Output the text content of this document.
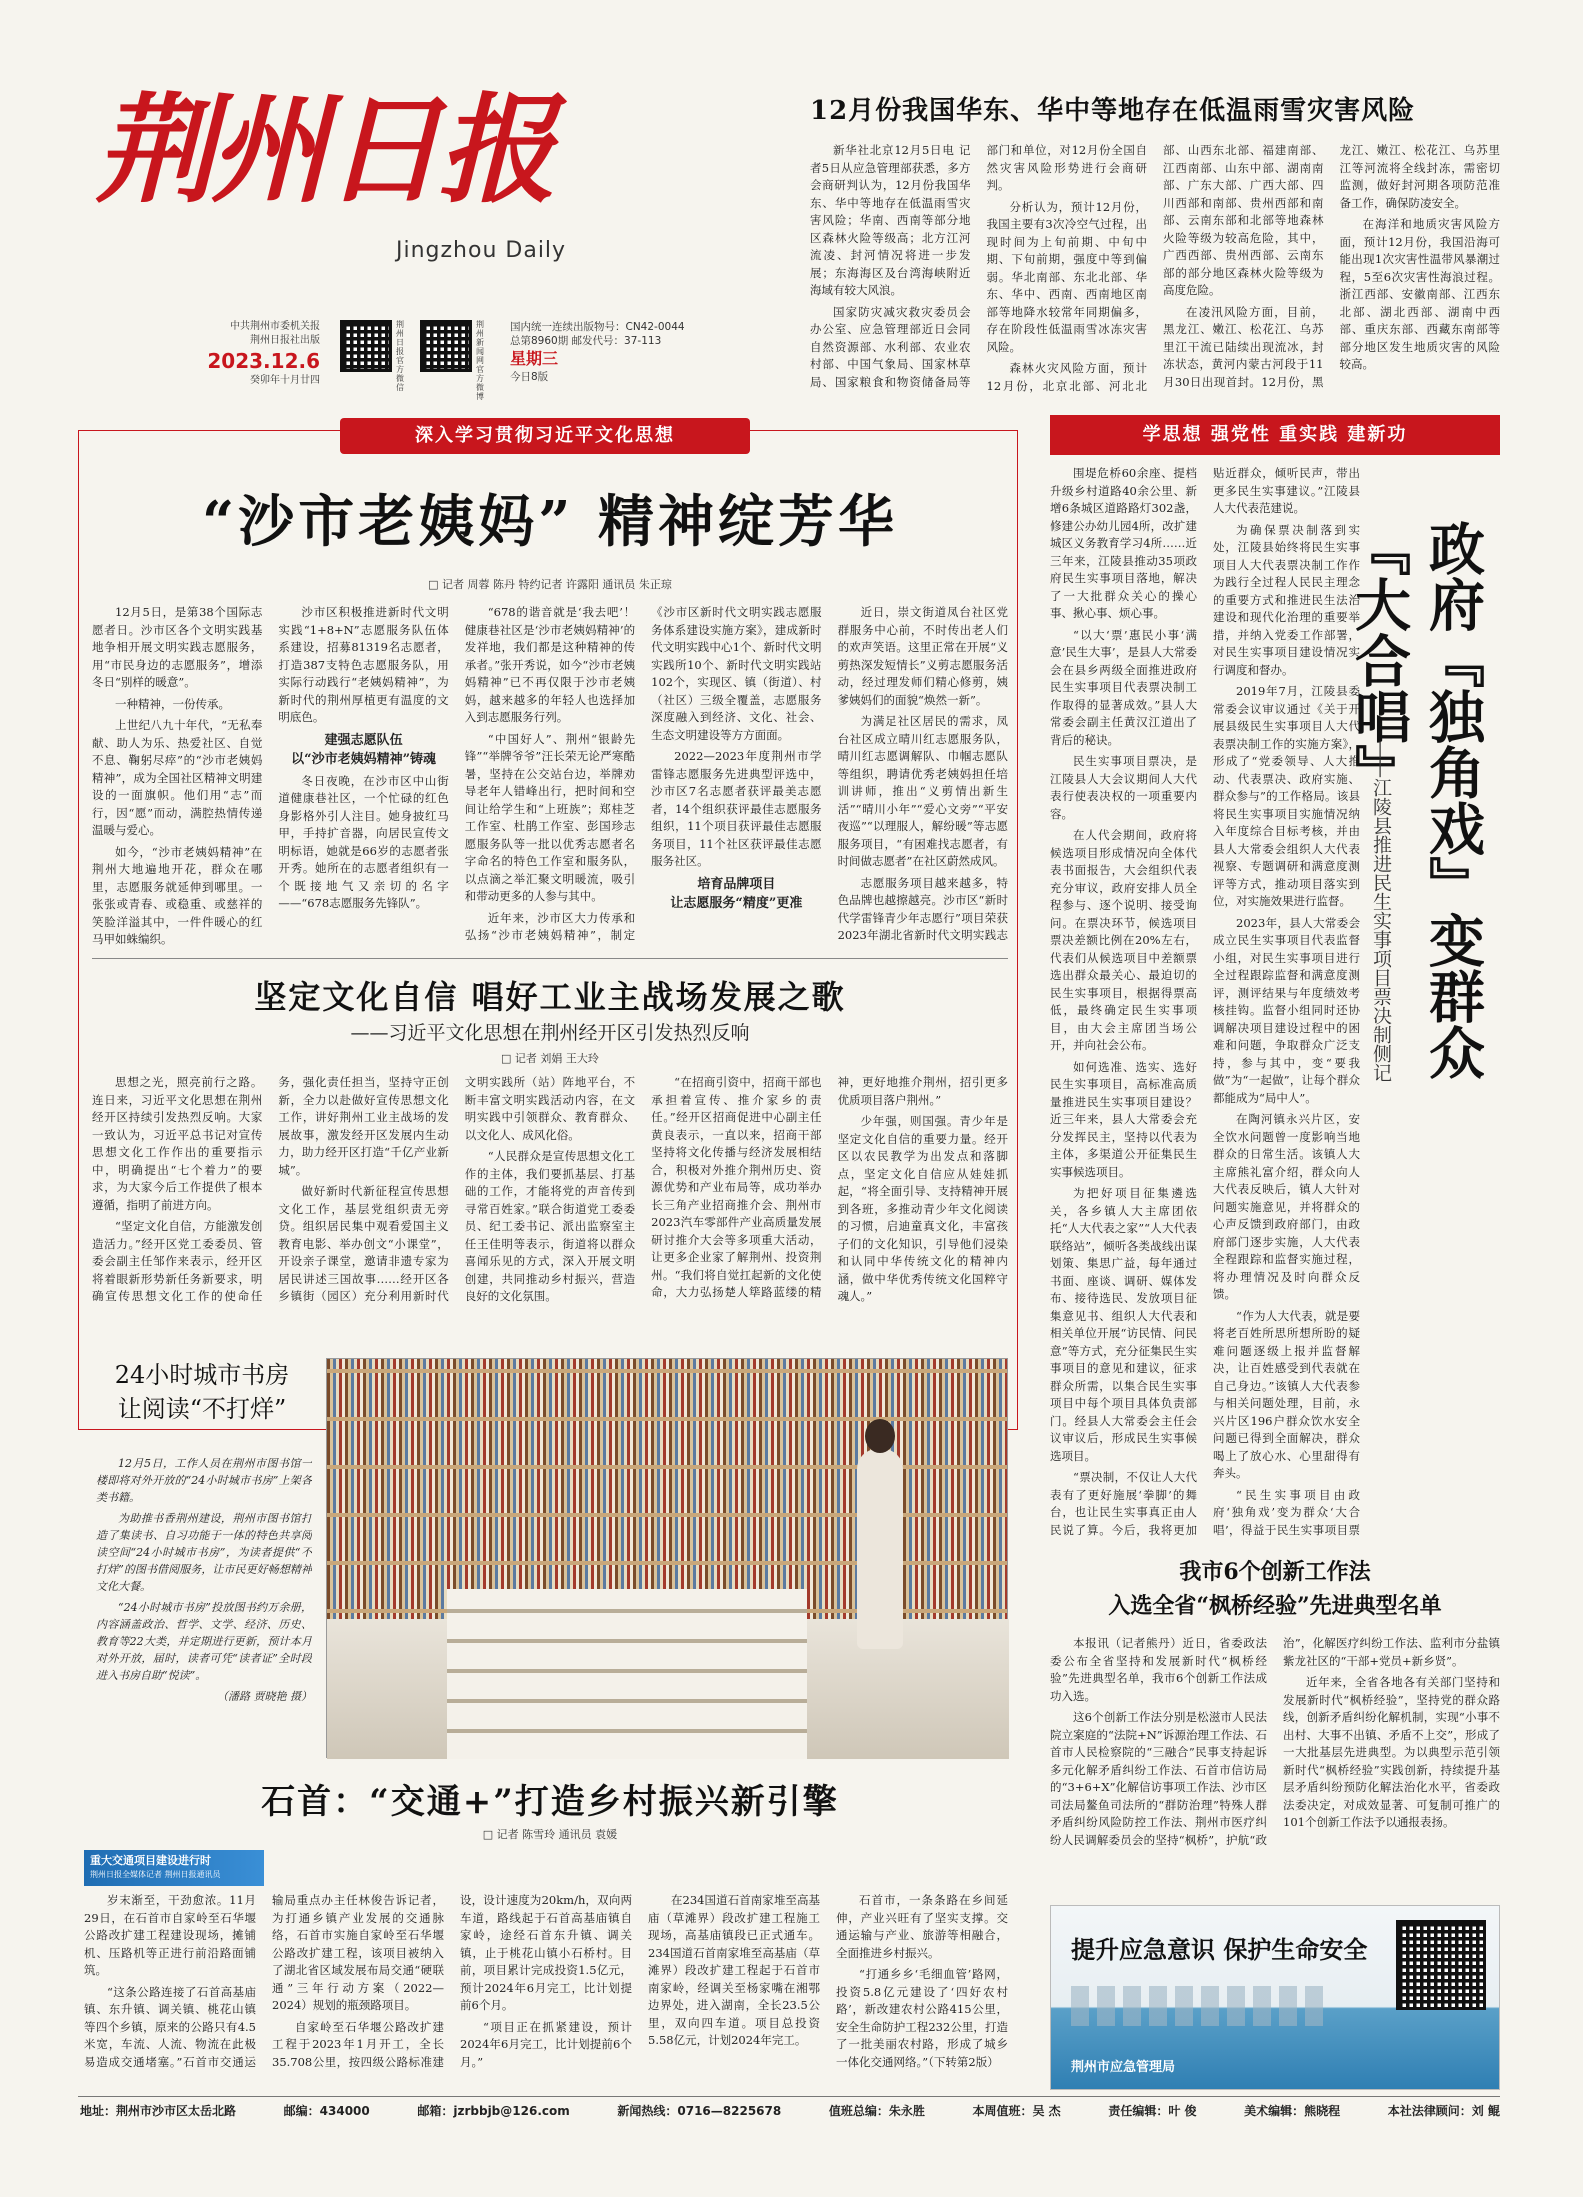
荆州日报
Jingzhou Daily
中共荆州市委机关报
荆州日报社出版
2023.12.6
癸卯年十月廿四
荆州日报官方微信
荆州新闻网官方微博
国内统一连续出版物号：CN42-0044
总第8960期 邮发代号：37-113
星期三
今日8版
12月份我国华东、华中等地存在低温雨雪灾害风险

新华社北京12月5日电 记者5日从应急管理部获悉，多方会商研判认为，12月份我国华东、华中等地存在低温雨雪灾害风险；华南、西南等部分地区森林火险等级高；北方江河流凌、封河情况将进一步发展；东海海区及台湾海峡附近海域有较大风浪。

国家防灾减灾救灾委员会办公室、应急管理部近日会同自然资源部、水利部、农业农村部、中国气象局、国家林草局、国家粮食和物资储备局等部门和单位，对12月份全国自然灾害风险形势进行会商研判。

分析认为，预计12月份，我国主要有3次冷空气过程，出现时间为上旬前期、中旬中期、下旬前期，强度中等到偏弱。华北南部、东北北部、华东、华中、西南、西南地区南部等地降水较常年同期偏多，存在阶段性低温雨雪冰冻灾害风险。

森林火灾风险方面，预计12月份，北京北部、河北北部、山西东北部、福建南部、江西南部、山东中部、湖南南部、广东大部、广西大部、四川西部和南部、贵州西部和南部、云南东部和北部等地森林火险等级为较高危险，其中，广西西部、贵州西部、云南东部的部分地区森林火险等级为高度危险。

在凌汛风险方面，目前，黑龙江、嫩江、松花江、乌苏里江干流已陆续出现流冰，封冻状态，黄河内蒙古河段于11月30日出现首封。12月份，黑龙江、嫩江、松花江、乌苏里江等河流将全线封冻，需密切监测，做好封河期各项防范准备工作，确保防凌安全。

在海洋和地质灾害风险方面，预计12月份，我国沿海可能出现1次灾害性温带风暴潮过程，5至6次灾害性海浪过程。浙江西部、安徽南部、江西东北部、湖北西部、湖南中西部、重庆东部、西藏东南部等部分地区发生地质灾害的风险较高。

深入学习贯彻习近平文化思想
“沙市老姨妈” 精神绽芳华
□ 记者 周蓉 陈丹 特约记者 许露阳 通讯员 朱正琼

12月5日，是第38个国际志愿者日。沙市区各个文明实践基地争相开展文明实践志愿服务，用“市民身边的志愿服务”，增添冬日“别样的暖意”。

一种精神，一份传承。

上世纪八九十年代，“无私奉献、助人为乐、热爱社区、自觉不息、鞠躬尽瘁”的“沙市老姨妈精神”，成为全国社区精神文明建设的一面旗帜。他们用“志”而行，因“愿”而动，满腔热情传递温暖与爱心。

如今，“沙市老姨妈精神”在荆州大地遍地开花，群众在哪里，志愿服务就延伸到哪里。一张张或青春、或稳重、或慈祥的笑脸洋溢其中，一件件暖心的红马甲如蛛编织。

沙市区积极推进新时代文明实践“1+8+N”志愿服务队伍体系建设，招募81319名志愿者，打造387支特色志愿服务队，用实际行动践行“老姨妈精神”，为新时代的荆州厚植更有温度的文明底色。

建强志愿队伍
以“沙市老姨妈精神”铸魂

冬日夜晚，在沙市区中山街道健康巷社区，一个忙碌的红色身影格外引人注目。她身披红马甲，手持扩音器，向居民宣传文明标语，她就是66岁的志愿者张开秀。她所在的志愿者组织有一个既接地气又亲切的名字——“678志愿服务先锋队”。

“678的谐音就是‘我去吧’！健康巷社区是‘沙市老姨妈精神’的发祥地，我们都是这种精神的传承者。”张开秀说，如今“沙市老姨妈精神”已不再仅限于沙市老姨妈，越来越多的年轻人也选择加入到志愿服务行列。

“中国好人”、荆州“银龄先锋”“举牌爷爷”汪长荣无论严寒酷暑，坚持在公交站台边，举牌劝导老年人错峰出行，把时间和空间让给学生和“上班族”；郑桂芝工作室、杜鹃工作室、彭国珍志愿服务队等一批以优秀志愿者名字命名的特色工作室和服务队，以点滴之举汇聚文明暖流，吸引和带动更多的人参与其中。

近年来，沙市区大力传承和弘扬“沙市老姨妈精神”，制定《沙市区新时代文明实践志愿服务体系建设实施方案》，建成新时代文明实践中心1个、新时代文明实践所10个、新时代文明实践站102个，实现区、镇（街道）、村（社区）三级全覆盖，志愿服务深度融入到经济、文化、社会、生态文明建设等方方面面。

2022—2023年度荆州市学雷锋志愿服务先进典型评选中，沙市区7名志愿者获评最美志愿者，14个组织获评最佳志愿服务组织，11个项目获评最佳志愿服务项目，11个社区获评最佳志愿服务社区。

培育品牌项目
让志愿服务“精度”更准

近日，崇文街道凤台社区党群服务中心前，不时传出老人们的欢声笑语。这里正常在开展“义剪热深发短情长”义剪志愿服务活动，经过理发师们精心修剪，姨爹姨妈们的面貌“焕然一新”。

为满足社区居民的需求，凤台社区成立晴川红志愿服务队，晴川红志愿调解队、巾帼志愿队等组织，聘请优秀老姨妈担任培训讲师，推出“义剪情出新生活”“晴川小年”“爱心文旁”“平安夜巡”“以理服人，解纷暖”等志愿服务项目，“有困难找志愿者，有时间做志愿者”在社区蔚然成风。

志愿服务项目越来越多，特色品牌也越擦越亮。沙市区“新时代学雷锋青少年志愿行”项目荣获2023年湖北省新时代文明实践志

坚定文化自信 唱好工业主战场发展之歌
——习近平文化思想在荆州经开区引发热烈反响
□ 记者 刘娟 王大玲

思想之光，照亮前行之路。连日来，习近平文化思想在荆州经开区持续引发热烈反响。大家一致认为，习近平总书记对宣传思想文化工作作出的重要指示中，明确提出“七个着力”的要求，为大家今后工作提供了根本遵循，指明了前进方向。

“坚定文化自信，方能激发创造活力。”经开区党工委委员、管委会副主任邹作来表示，经开区将着眼新形势新任务新要求，明确宣传思想文化工作的使命任务，强化责任担当，坚持守正创新，全力以赴做好宣传思想文化工作，讲好荆州工业主战场的发展故事，激发经开区发展内生动力，助力经开区打造“千亿产业新城”。

做好新时代新征程宣传思想文化工作，基层党组织责无旁贷。组织居民集中观看爱国主义教育电影、举办创文“小课堂”，开设亲子课堂，邀请非遗专家为居民讲述三国故事……经开区各乡镇街（园区）充分利用新时代文明实践所（站）阵地平台，不断丰富文明实践活动内容，在文明实践中引领群众、教育群众、以文化人、成风化俗。

“人民群众是宣传思想文化工作的主体，我们要抓基层、打基础的工作，才能将党的声音传到寻常百姓家。”联合街道党工委委员、纪工委书记、派出监察室主任王佳明等表示，街道将以群众喜闻乐见的方式，深入开展文明创建，共同推动乡村振兴，营造良好的文化氛围。

“在招商引资中，招商干部也承担着宣传、推介家乡的责任。”经开区招商促进中心副主任黄良表示，一直以来，招商干部坚持将文化传播与经济发展相结合，积极对外推介荆州历史、资源优势和产业布局等，成功举办长三角产业招商推介会、荆州市2023汽车零部件产业高质量发展研讨推介大会等多项重大活动，让更多企业家了解荆州、投资荆州。“我们将自觉扛起新的文化使命，大力弘扬楚人筚路蓝缕的精神，更好地推介荆州，招引更多优质项目落户荆州。”

少年强，则国强。青少年是坚定文化自信的重要力量。经开区以农民教学为出发点和落脚点，坚定文化自信应从娃娃抓起，“将全面引导、支持精神开展到各班，多推动青少年文化阅读的习惯，启迪童真文化，丰富孩子们的文化知识，引导他们浸染和认同中华传统文化的精神内涵，做中华优秀传统文化国粹守魂人。”

24小时城市书房
让阅读“不打烊”

12月5日，工作人员在荆州市图书馆一楼即将对外开放的“24小时城市书房”上架各类书籍。

为助推书香荆州建设，荆州市图书馆打造了集读书、自习功能于一体的特色共享阅读空间“24小时城市书房”，为读者提供“不打烊”的图书借阅服务，让市民更好畅想精神文化大餐。

“24小时城市书房”投放图书约万余册，内容涵盖政治、哲学、文学、经济、历史、教育等22大类，并定期进行更新，预计本月对外开放，届时，读者可凭“读者证”全时段进入书房自助“悦读”。

（潘路 贾晓艳 摄）
石首：“交通+”打造乡村振兴新引擎
□ 记者 陈雪玲 通讯员 袁媛
重大交通项目建设进行时
荆州日报全媒体记者 荆州日报通讯员

岁末渐至，干劲愈浓。11月29日，在石首市自家岭至石华堰公路改扩建工程建设现场，摊铺机、压路机等正进行前沿路面铺筑。

“这条公路连接了石首高基庙镇、东升镇、调关镇、桃花山镇等四个乡镇，原来的公路只有4.5米宽，车流、人流、物流在此极易造成交通堵塞。”石首市交通运输局重点办主任林俊告诉记者，为打通乡镇产业发展的交通脉络，石首市实施自家岭至石华堰公路改扩建工程，该项目被纳入了湖北省区域发展布局交通“硬联通”三年行动方案（2022—2024）规划的瓶颈路项目。

自家岭至石华堰公路改扩建工程于2023年1月开工，全长35.708公里，按四级公路标准建设，设计速度为20km/h，双向两车道，路线起于石首高基庙镇自家岭，途经石首东升镇、调关镇，止于桃花山镇小石桥村。目前，项目累计完成投资1.5亿元，预计2024年6月完工，比计划提前6个月。

“项目正在抓紧建设，预计2024年6月完工，比计划提前6个月。”

在234国道石首南家堆至高基庙（草滩界）段改扩建工程施工现场，高基庙镇段已正式通车。234国道石首南家堆至高基庙（草滩界）段改扩建工程起于石首市南家岭，经调关至杨家嘴在湘鄂边界处，进入湖南，全长23.5公里，双向四车道。项目总投资5.58亿元，计划2024年完工。

石首市，一条条路在乡间延伸，产业兴旺有了坚实支撑。交通运输与产业、旅游等相融合，全面推进乡村振兴。

“打通乡乡‘毛细血管’路网，投资5.8亿元建设了‘四好农村路’，新改建农村公路415公里，安全生命防护工程232公里，打造了一批美丽农村路，形成了城乡一体化交通网络。”（下转第2版）

学思想 强党性 重实践 建新功

围堤危桥60余座、提档升级乡村道路40余公里、新增6条城区道路路灯302盏，修建公办幼儿园4所，改扩建城区义务教育学习4所……近三年来，江陵县推动35项政府民生实事项目落地，解决了一大批群众关心的操心事、揪心事、烦心事。

“以大‘票’惠民小事‘满意’民生大事’，是县人大常委会在县乡两级全面推进政府民生实事项目代表票决制工作取得的显著成效。”县人大常委会副主任黄汉江道出了背后的秘诀。

民生实事项目票决，是江陵县人大会议期间人大代表行使表决权的一项重要内容。

在人代会期间，政府将候选项目形成情况向全体代表书面报告，大会组织代表充分审议，政府安排人员全程参与、逐个说明、接受询问。在票决环节，候选项目票决差额比例在20%左右，代表们从候选项目中差额票选出群众最关心、最迫切的民生实事项目，根据得票高低，最终确定民生实事项目，由大会主席团当场公开，并向社会公布。

如何选准、选实、选好民生实事项目，高标准高质量推进民生实事项目建设？近三年来，县人大常委会充分发挥民主，坚持以代表为主体，多渠道公开征集民生实事候选项目。

为把好项目征集遴选关，各乡镇人大主席团依托“人大代表之家”“人大代表联络站”，倾听各类战线出谋划策、集思广益，每年通过书面、座谈、调研、媒体发布、接待选民、发放项目征集意见书、组织人大代表和相关单位开展“访民情、问民意”等方式，充分征集民生实事项目的意见和建议，征求群众所需，以集合民生实事项目中每个项目具体负责部门。经县人大常委会主任会议审议后，形成民生实事候选项目。

“票决制，不仅让人大代表有了更好施展‘拳脚’的舞台，也让民生实事真正由人民说了算。今后，我将更加贴近群众，倾听民声，带出更多民生实事建议。”江陵县人大代表范建说。

为确保票决制落到实处，江陵县始终将民生实事项目人大代表票决制工作作为践行全过程人民民主理念的重要方式和推进民生法治建设和现代化治理的重要举措，并纳入党委工作部署，对民生实事项目建设情况实行调度和督办。

2019年7月，江陵县委常委会议审议通过《关于开展县级民生实事项目人大代表票决制工作的实施方案》，形成了“党委领导、人大推动、代表票决、政府实施、群众参与”的工作格局。该县将民生实事项目实施情况纳入年度综合目标考核，并由县人大常委会组织人大代表视察、专题调研和满意度测评等方式，推动项目落实到位，对实施效果进行监督。

2023年，县人大常委会成立民生实事项目代表监督小组，对民生实事项目进行全过程跟踪监督和满意度测评，测评结果与年度绩效考核挂钩。监督小组同时还协调解决项目建设过程中的困难和问题，争取群众广泛支持，参与其中，变“要我做”为“一起做”，让每个群众都能成为“局中人”。

在陶河镇永兴片区，安全饮水问题曾一度影响当地群众的日常生活。该镇人大主席熊礼富介绍，群众向人大代表反映后，镇人大针对问题实施意见，并将群众的心声反馈到政府部门，由政府部门逐步实施，人大代表全程跟踪和监督实施过程，将办理情况及时向群众反馈。

“作为人大代表，就是要将老百姓所思所想所盼的疑难问题逐级上报并监督解决，让百姓感受到代表就在自己身边。”该镇人大代表参与相关问题处理，目前，永兴片区196户群众饮水安全问题已得到全面解决，群众喝上了放心水、心里甜得有奔头。

“民生实事项目由政府‘独角戏’变为群众‘大合唱’，得益于民生实事项目票

政府『独角戏』变群众『大合唱』
——江陵县推进民生实事项目票决制侧记
我市6个创新工作法
入选全省“枫桥经验”先进典型名单

本报讯（记者熊丹）近日，省委政法委公布全省坚持和发展新时代“枫桥经验”先进典型名单，我市6个创新工作法成功入选。

这6个创新工作法分别是松滋市人民法院立案庭的“法院+N”诉源治理工作法、石首市人民检察院的“三融合”民事支持起诉多元化解矛盾纠纷工作法、石首市信访局的“3+6+X”化解信访事项工作法、沙市区司法局鳌鱼司法所的“群防治理”特殊人群矛盾纠纷风险防控工作法、荆州市医疗纠纷人民调解委员会的坚持“枫桥”，护航“政治”，化解医疗纠纷工作法、监利市分盐镇紫龙社区的“干部+党员+新乡贤”。

近年来，全省各地各有关部门坚持和发展新时代“枫桥经验”，坚持党的群众路线，创新矛盾纠纷化解机制，实现“小事不出村、大事不出镇、矛盾不上交”，形成了一大批基层先进典型。为以典型示范引领新时代“枫桥经验”实践创新，持续提升基层矛盾纠纷预防化解法治化水平，省委政法委决定，对成效显著、可复制可推广的101个创新工作法予以通报表扬。

提升应急意识 保护生命安全
荆州市应急管理局
地址：荆州市沙市区太岳北路	邮编：434000	邮箱：jzrbbjb@126.com	新闻热线：0716—8225678	值班总编：朱永胜	本周值班：吴 杰	责任编辑：叶 俊	美术编辑：熊晓程	本社法律顾问：刘 鲲
